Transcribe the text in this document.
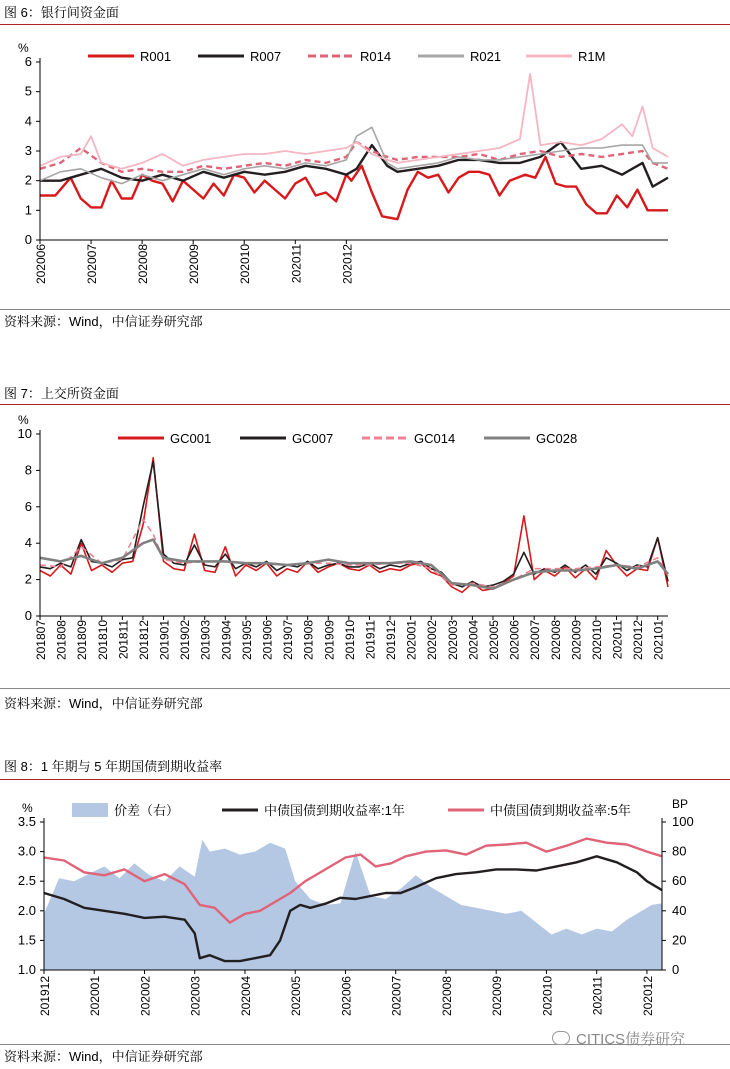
图 6：银行间资金面
0
1
2
3
4
5
6
%
202006	202007	202008	202009	202010	202011	202012
R001	R007	R014	R021	R1M
资料来源：Wind，中信证券研究部
图 7：上交所资金面
0
2
4
6
8
10
%
201807 201808 201809 201810 201811 201812 201901 201902 201903 201904 201905 201906 201907 201908 201909 201910 201911 201912 202001 202002 202003 202004 202005 202006 202007 202008 202009 202010 202011 202012 202101
GC001	GC007	GC014	GC028
资料来源：Wind，中信证券研究部
图 8：1 年期与 5 年期国债到期收益率
1.0
1.5
2.0
2.5
3.0
3.5
%
0
20
40
60
80
100
BP
201912	202001	202002	202003	202004	202005	202006	202007	202008	202009	202010	202011	202012
价差（右）	中债国债到期收益率:1年	中债国债到期收益率:5年
资料来源：Wind，中信证券研究部
CITICS债券研究
